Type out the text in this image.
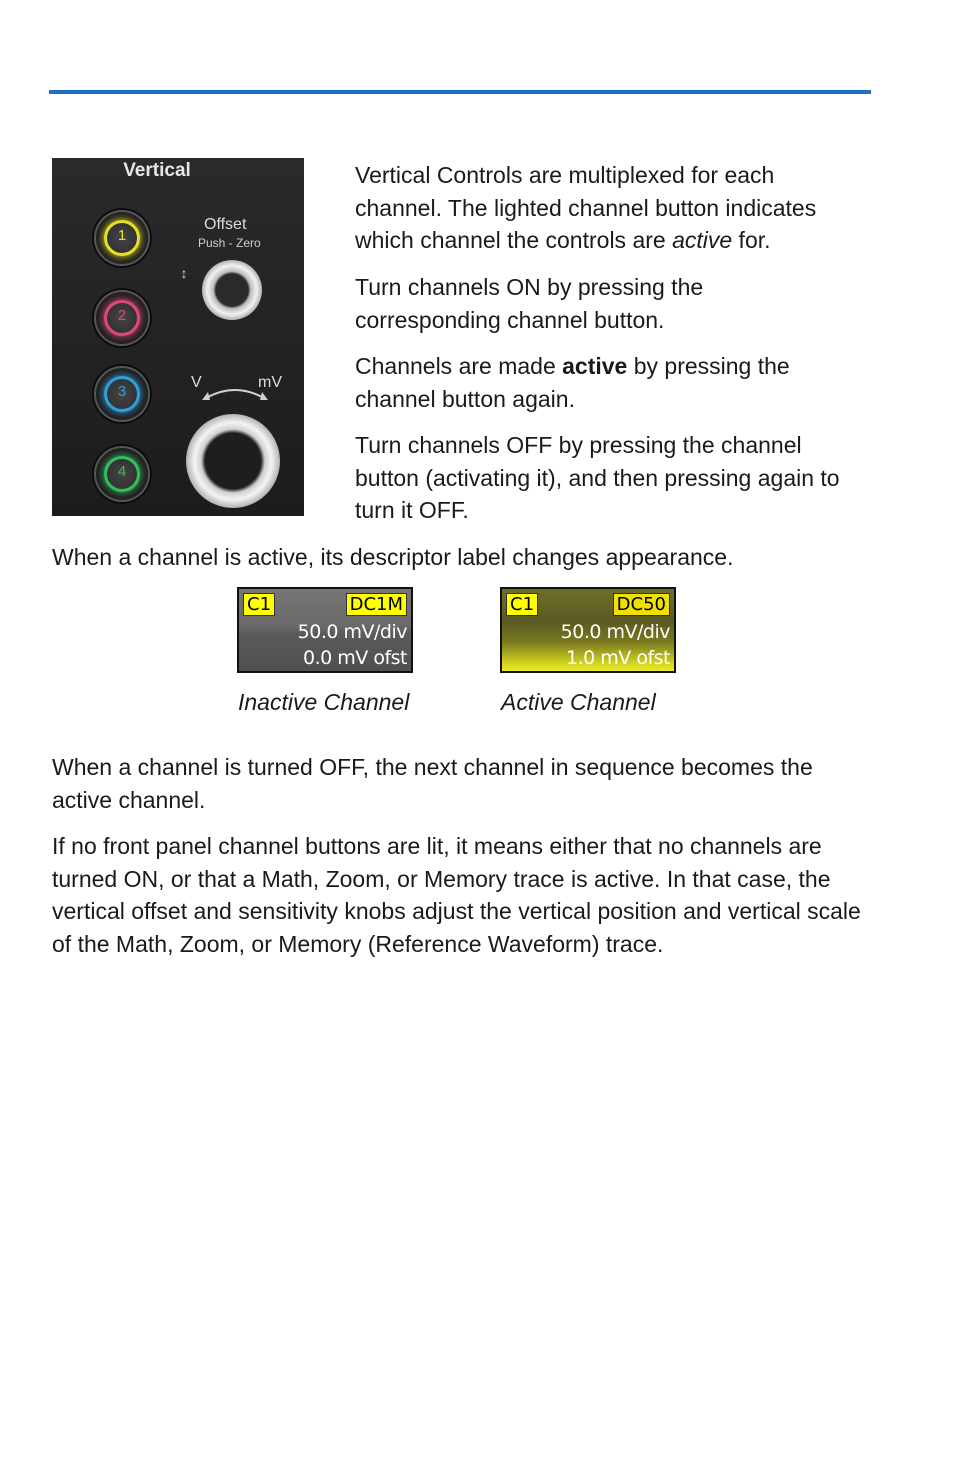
Vertical
Offset
Push - Zero
↕
1
2
3
4
V	mV

Vertical Controls are multiplexed for each channel. The lighted channel button indicates which channel the controls are active for.

Turn channels ON by pressing the corresponding channel button.

Channels are made active by pressing the channel button again.

Turn channels OFF by pressing the channel button (activating it), and then pressing again to turn it OFF.

When a channel is active, its descriptor label changes appearance.

C1	DC1M
50.0 mV/div
0.0 mV ofst
Inactive Channel
C1	DC50
50.0 mV/div
1.0 mV ofst
Active Channel

When a channel is turned OFF, the next channel in sequence becomes the active channel.

If no front panel channel buttons are lit, it means either that no channels are turned ON, or that a Math, Zoom, or Memory trace is active. In that case, the vertical offset and sensitivity knobs adjust the vertical position and vertical scale of the Math, Zoom, or Memory (Reference Waveform) trace.
